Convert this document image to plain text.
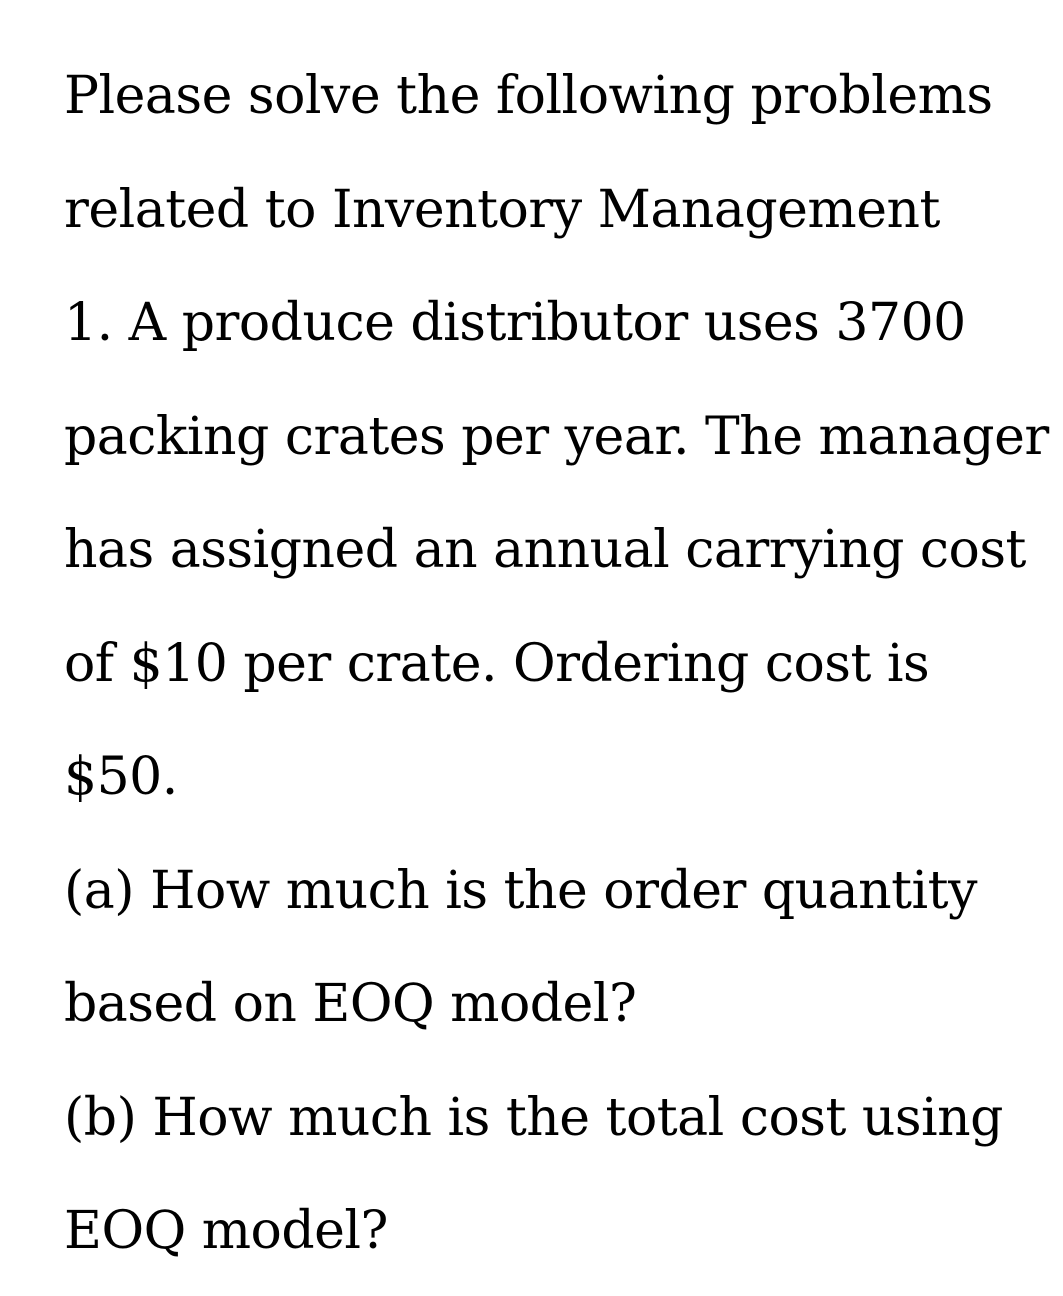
Please solve the following problems
related to Inventory Management
1. A produce distributor uses 3700
packing crates per year. The manager
has assigned an annual carrying cost
of $10 per crate. Ordering cost is
$50.
(a) How much is the order quantity
based on EOQ model?
(b) How much is the total cost using
EOQ model?
